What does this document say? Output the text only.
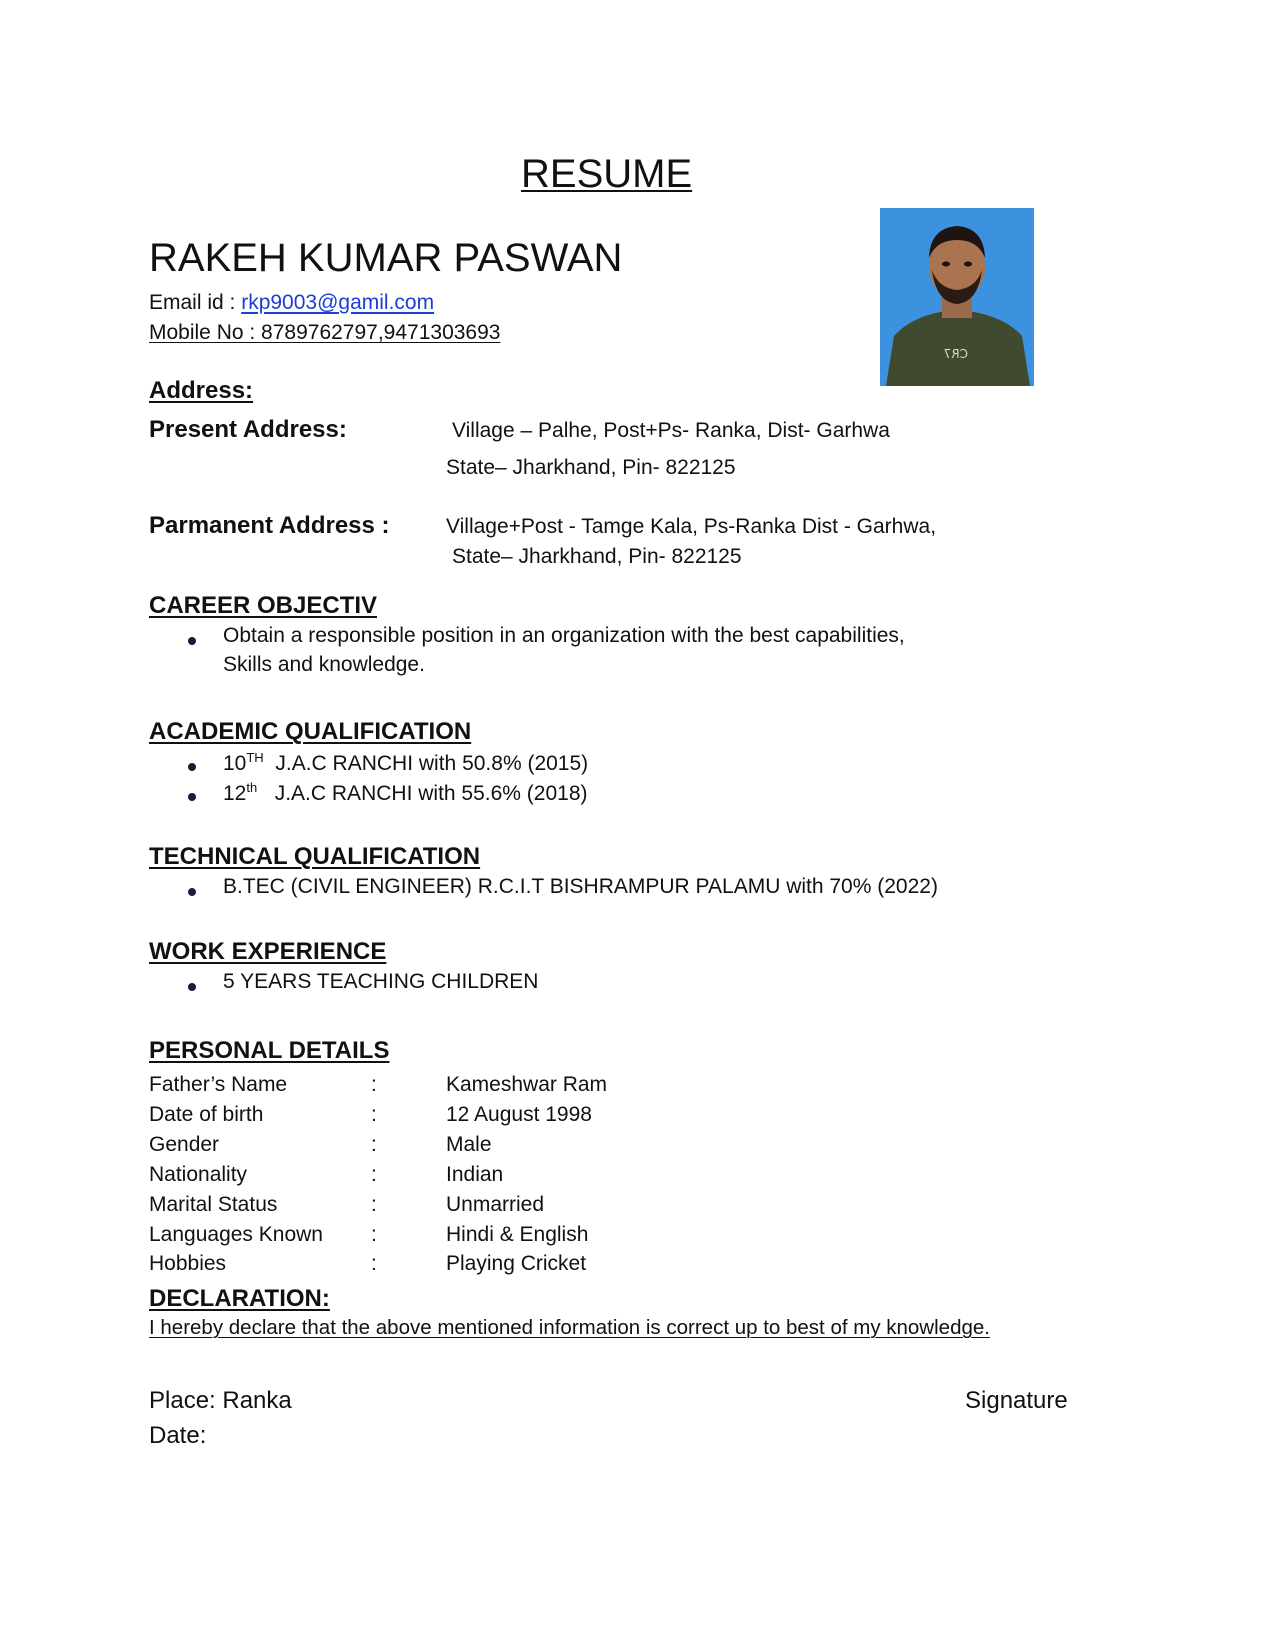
RESUME
RAKEH KUMAR PASWAN
Email id : rkp9003@gamil.com
Mobile No : 8789762797,9471303693
CR7
Address:
Present Address:	Village – Palhe, Post+Ps- Ranka, Dist- Garhwa
State– Jharkhand, Pin- 822125
Parmanent Address :	Village+Post - Tamge Kala, Ps-Ranka Dist - Garhwa,
State– Jharkhand, Pin- 822125
CAREER OBJECTIV
Obtain a responsible position in an organization with the best capabilities,
Skills and knowledge.
ACADEMIC QUALIFICATION
10TH J.A.C RANCHI with 50.8% (2015)
12th J.A.C RANCHI with 55.6% (2018)
TECHNICAL QUALIFICATION
B.TEC (CIVIL ENGINEER) R.C.I.T BISHRAMPUR PALAMU with 70% (2022)
WORK EXPERIENCE
5 YEARS TEACHING CHILDREN
PERSONAL DETAILS
Father’s Name	:	Kameshwar Ram
Date of birth	:	12 August 1998
Gender	:	Male
Nationality	:	Indian
Marital Status	:	Unmarried
Languages Known :	Hindi & English
Hobbies	:	Playing Cricket
DECLARATION:
I hereby declare that the above mentioned information is correct up to best of my knowledge.
Place: Ranka
Date:
Signature
